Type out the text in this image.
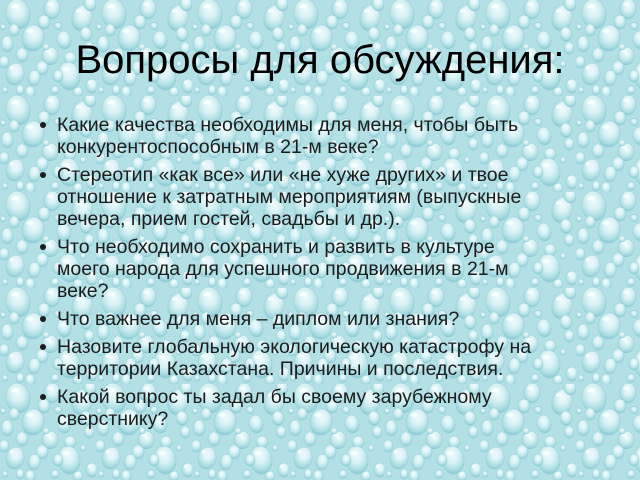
Вопросы для обсуждения:
Какие качества необходимы для меня, чтобы быть конкурентоспособным в 21-м веке?
Стереотип «как все» или «не хуже других» и твое отношение к затратным мероприятиям (выпускные вечера, прием гостей, свадьбы и др.).
Что необходимо сохранить и развить в культуре моего народа для успешного продвижения в 21-м веке?
Что важнее для меня – диплом или знания?
Назовите глобальную экологическую катастрофу на территории Казахстана. Причины и последствия.
Какой вопрос ты задал бы своему зарубежному сверстнику?
